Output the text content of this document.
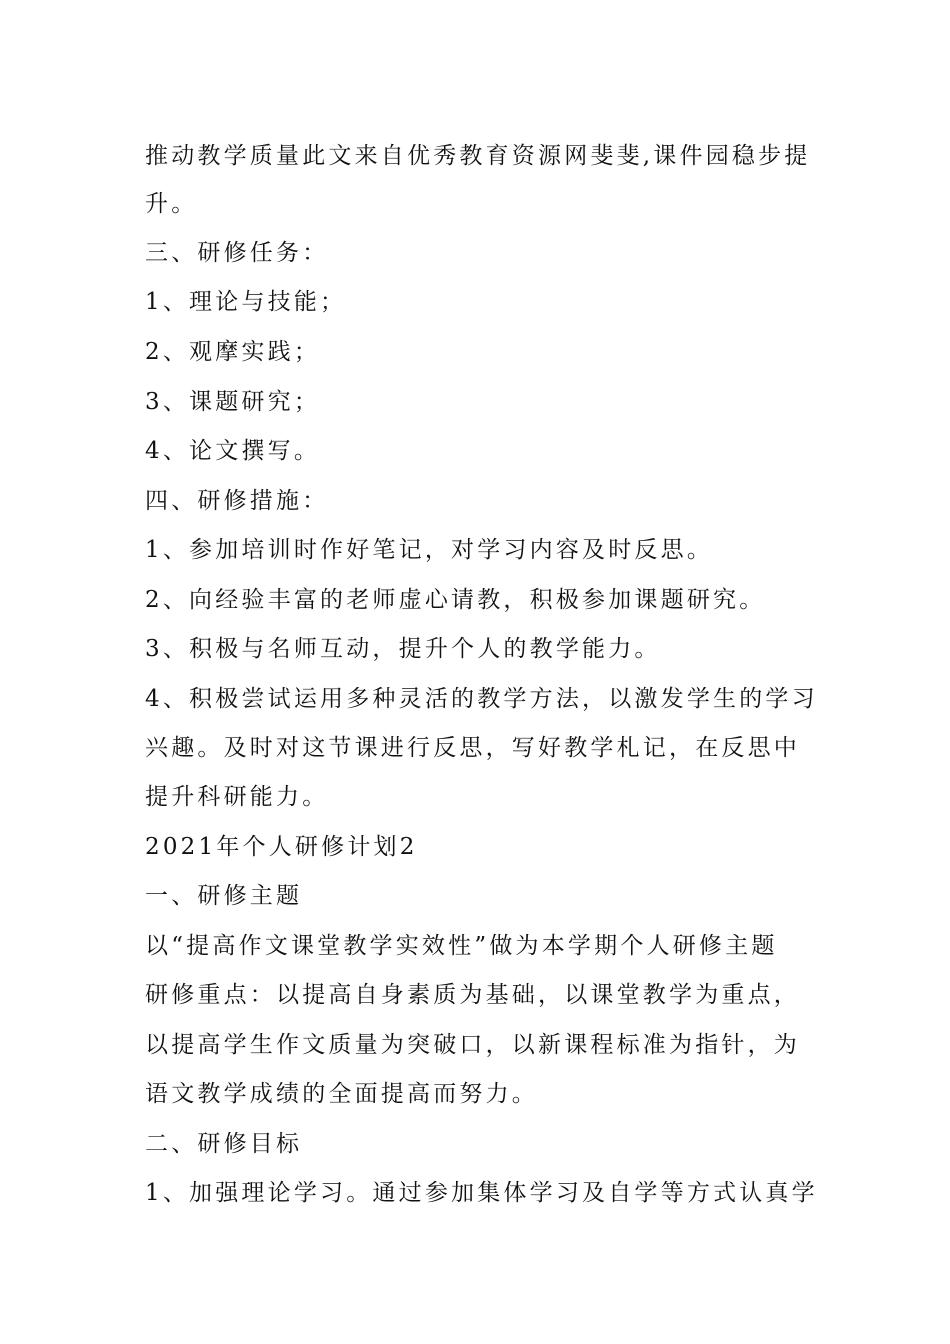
推动教学质量此文来自优秀教育资源网斐斐,课件园稳步提
升。
三、研修任务：
1、理论与技能；
2、观摩实践；
3、课题研究；
4、论文撰写。
四、研修措施：
1、参加培训时作好笔记，对学习内容及时反思。
2、向经验丰富的老师虚心请教，积极参加课题研究。
3、积极与名师互动，提升个人的教学能力。
4、积极尝试运用多种灵活的教学方法，以激发学生的学习
兴趣。及时对这节课进行反思，写好教学札记，在反思中
提升科研能力。
2021年个人研修计划2
一、研修主题
以“提高作文课堂教学实效性”做为本学期个人研修主题
研修重点：以提高自身素质为基础，以课堂教学为重点，
以提高学生作文质量为突破口，以新课程标准为指针，为
语文教学成绩的全面提高而努力。
二、研修目标
1、加强理论学习。通过参加集体学习及自学等方式认真学
